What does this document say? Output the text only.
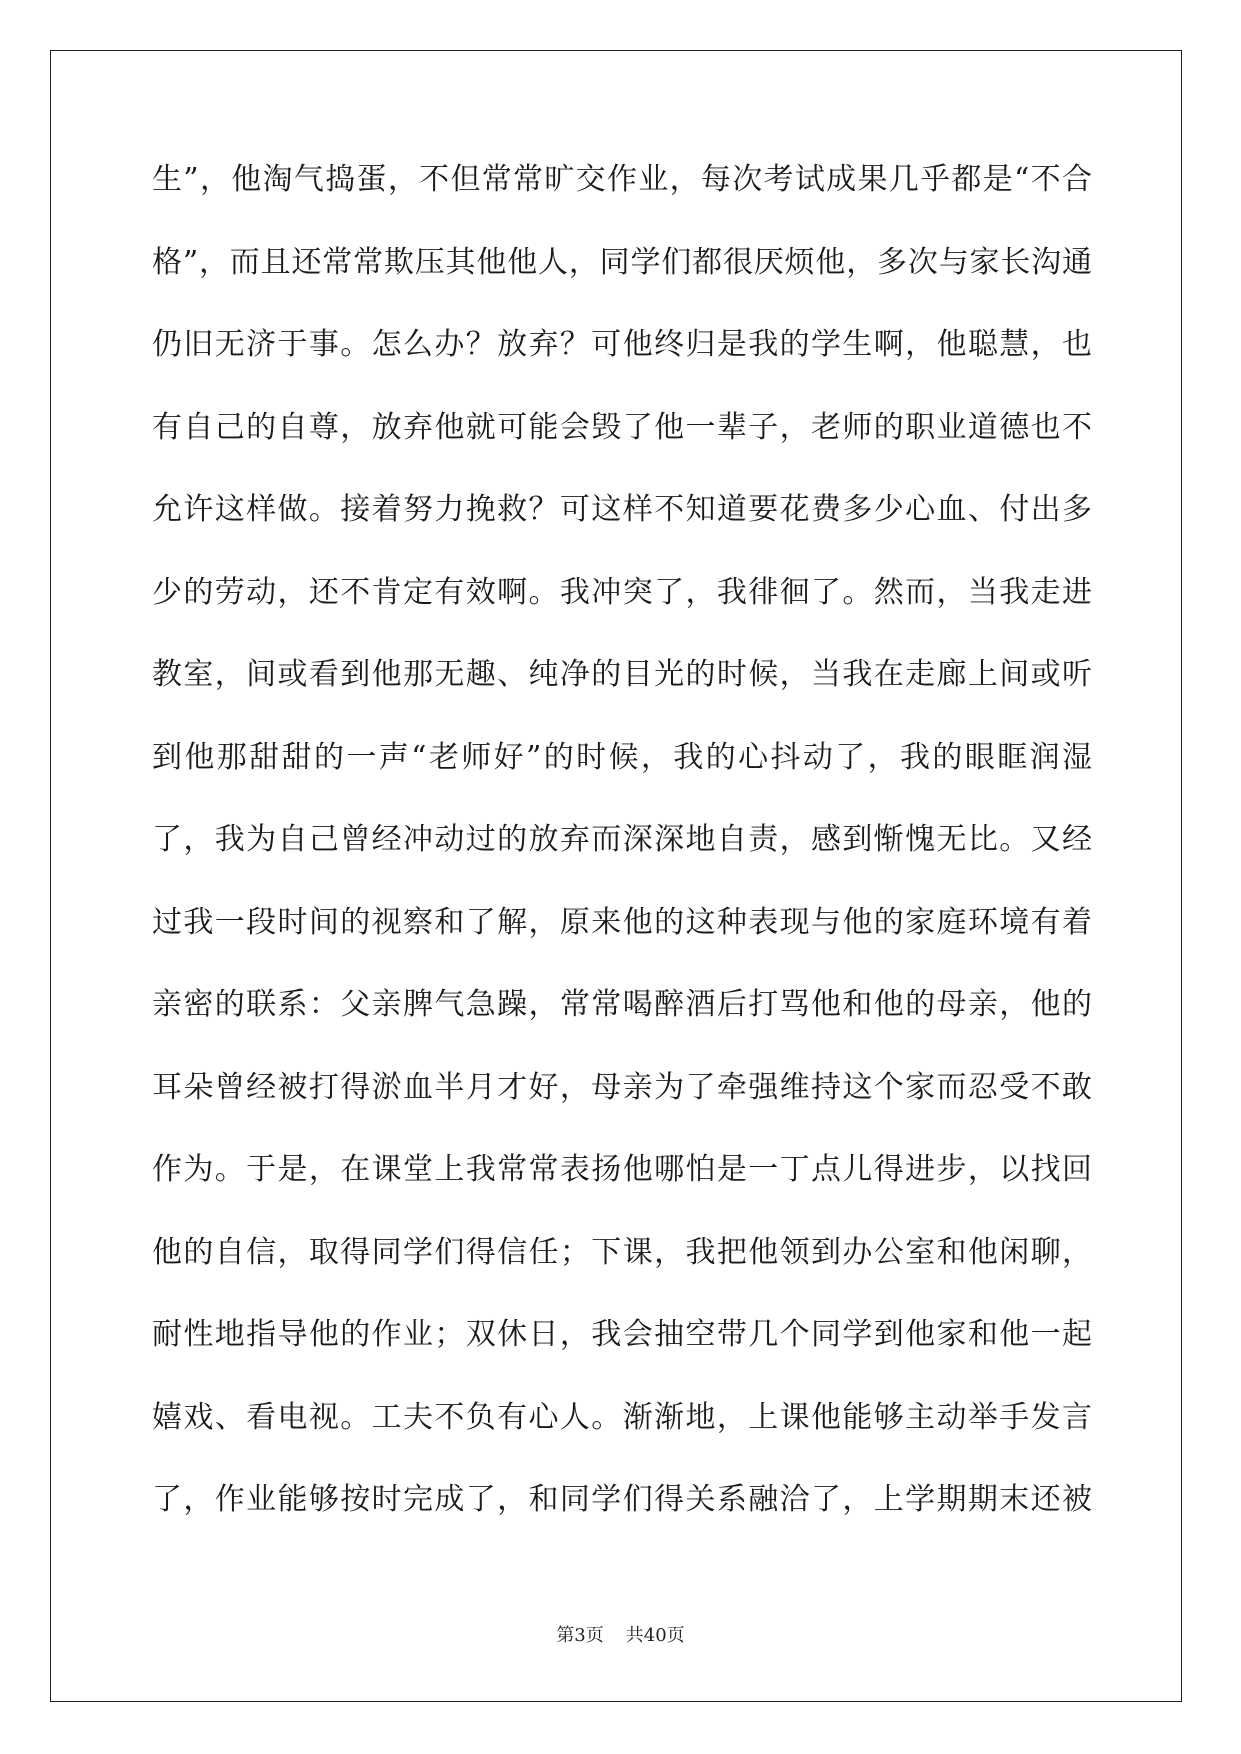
生”，他淘气捣蛋，不但常常旷交作业，每次考试成果几乎都是“不合
格”，而且还常常欺压其他他人，同学们都很厌烦他，多次与家长沟通
仍旧无济于事。怎么办？放弃？可他终归是我的学生啊，他聪慧，也
有自己的自尊，放弃他就可能会毁了他一辈子，老师的职业道德也不
允许这样做。接着努力挽救？可这样不知道要花费多少心血、付出多
少的劳动，还不肯定有效啊。我冲突了，我徘徊了。然而，当我走进
教室，间或看到他那无趣、纯净的目光的时候，当我在走廊上间或听
到他那甜甜的一声“老师好”的时候，我的心抖动了，我的眼眶润湿
了，我为自己曾经冲动过的放弃而深深地自责，感到惭愧无比。又经
过我一段时间的视察和了解，原来他的这种表现与他的家庭环境有着
亲密的联系：父亲脾气急躁，常常喝醉酒后打骂他和他的母亲，他的
耳朵曾经被打得淤血半月才好，母亲为了牵强维持这个家而忍受不敢
作为。于是，在课堂上我常常表扬他哪怕是一丁点儿得进步，以找回
他的自信，取得同学们得信任；下课，我把他领到办公室和他闲聊，
耐性地指导他的作业；双休日，我会抽空带几个同学到他家和他一起
嬉戏、看电视。工夫不负有心人。渐渐地，上课他能够主动举手发言
了，作业能够按时完成了，和同学们得关系融洽了，上学期期末还被
第3页 共40页
